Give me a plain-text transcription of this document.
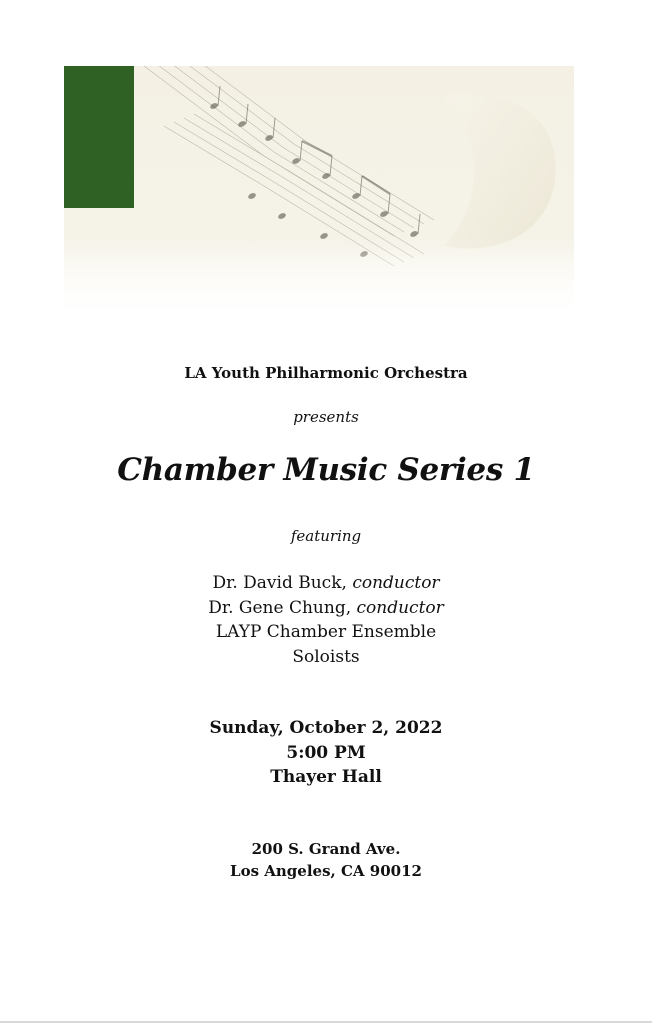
LA Youth Philharmonic Orchestra
presents
Chamber Music Series 1
featuring
Dr. David Buck, conductor
Dr. Gene Chung, conductor
LAYP Chamber Ensemble
Soloists
Sunday, October 2, 2022
5:00 PM
Thayer Hall
200 S. Grand Ave.
Los Angeles, CA 90012
